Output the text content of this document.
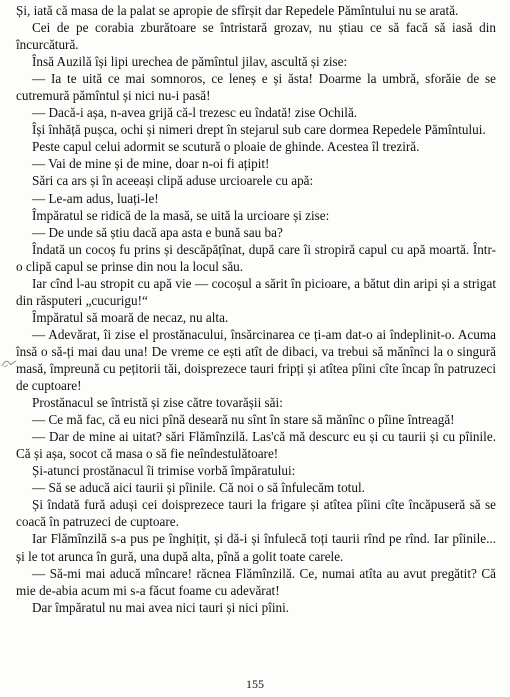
Și, iată că masa de la palat se apropie de sfîrșit dar Repedele Pămîntului nu se arată.

Cei de pe corabia zburătoare se întristară grozav, nu știau ce să facă să iasă din încurcătură.

Însă Auzilă își lipi urechea de pămîntul jilav, ascultă și zise:

— Ia te uită ce mai somnoros, ce leneș e și ăsta! Doarme la umbră, sforăie de se cutremură pămîntul și nici nu-i pasă!

— Dacă-i așa, n-avea grijă că-l trezesc eu îndată! zise Ochilă.

Își înhăță pușca, ochi și nimeri drept în stejarul sub care dormea Repedele Pămîntului.

Peste capul celui adormit se scutură o ploaie de ghinde. Acestea îl treziră.

— Vai de mine și de mine, doar n-oi fi ațipit!

Sări ca ars și în aceeași clipă aduse urcioarele cu apă:

— Le-am adus, luați-le!

Împăratul se ridică de la masă, se uită la urcioare și zise:

— De unde să știu dacă apa asta e bună sau ba?

Îndată un cocoș fu prins și descăpățînat, după care îi stropiră capul cu apă moartă. Într-o clipă capul se prinse din nou la locul său.

Iar cînd l-au stropit cu apă vie — cocoșul a sărit în picioare, a bătut din aripi și a strigat din răsputeri „cucurigu!“

Împăratul să moară de necaz, nu alta.

— Adevărat, îi zise el prostănacului, însărcinarea ce ți-am dat-o ai îndeplinit-o. Acuma însă o să-ți mai dau una! De vreme ce ești atît de dibaci, va trebui să mănînci la o singură masă, împreună cu pețitorii tăi, doisprezece tauri fripți și atîtea pîini cîte încap în patruzeci de cuptoare!

Prostănacul se întristă și zise către tovarășii săi:

— Ce mă fac, că eu nici pînă deseară nu sînt în stare să mănînc o pîine întreagă!

— Dar de mine ai uitat? sări Flămînzilă. Las'că mă descurc eu și cu taurii și cu pîinile. Că și așa, socot că masa o să fie neîndestulătoare!

Și-atunci prostănacul îi trimise vorbă împăratului:

— Să se aducă aici taurii și pîinile. Că noi o să înfulecăm totul.

Și îndată fură aduși cei doisprezece tauri la frigare și atîtea pîini cîte încăpuseră să se coacă în patruzeci de cuptoare.

Iar Flămînzilă s-a pus pe înghițit, și dă-i și înfulecă toți taurii rînd pe rînd. Iar pîinile... și le tot arunca în gură, una după alta, pînă a golit toate carele.

— Să-mi mai aducă mîncare! răcnea Flămînzilă. Ce, numai atîta au avut pregătit? Că mie de-abia acum mi s-a făcut foame cu adevărat!

Dar împăratul nu mai avea nici tauri și nici pîini.

155
